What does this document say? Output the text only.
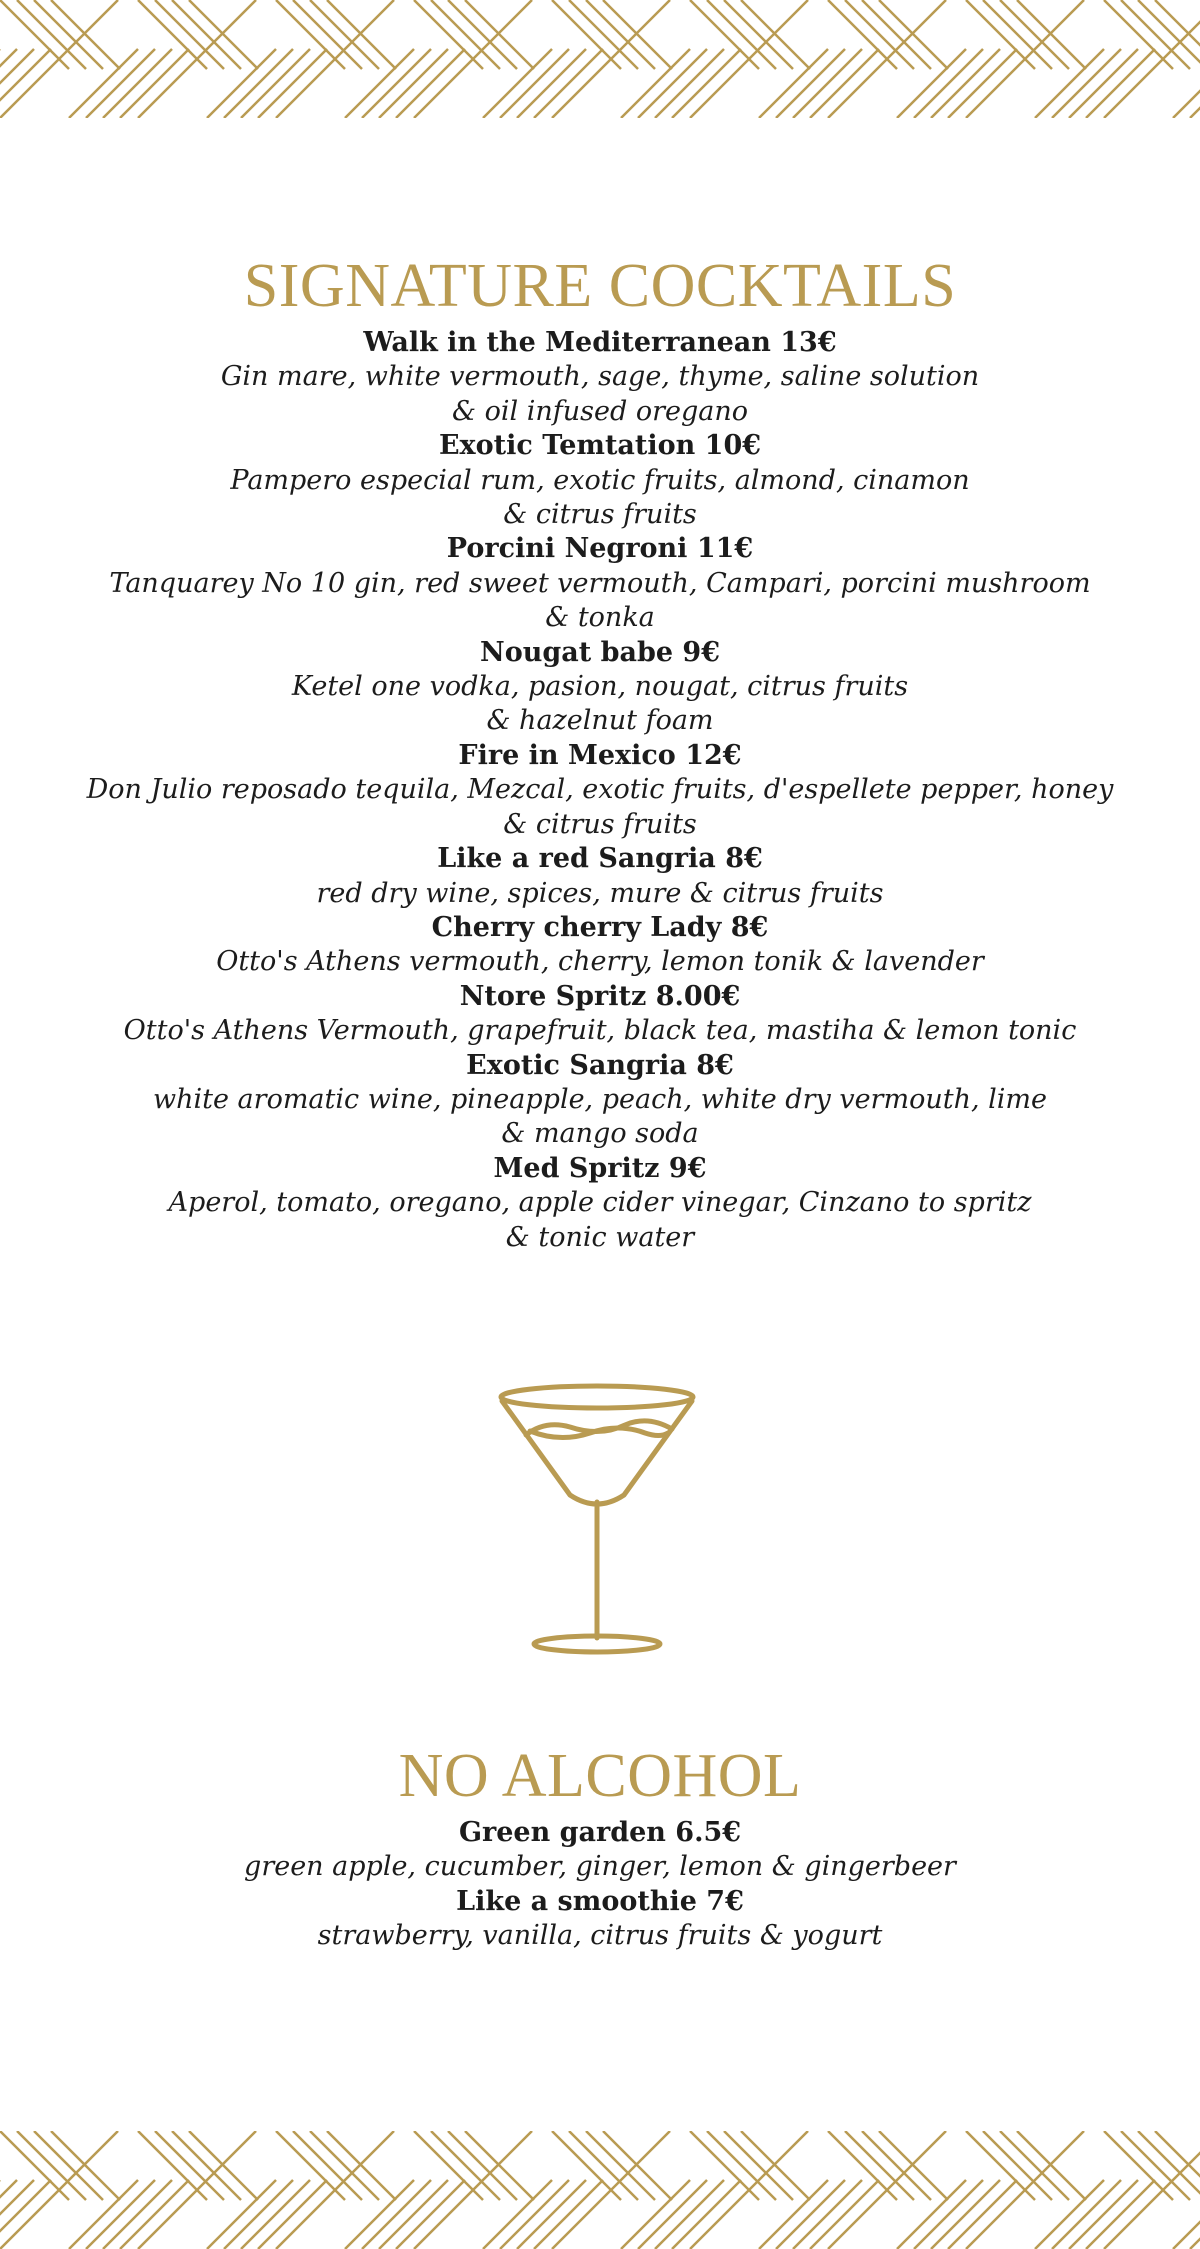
SIGNATURE COCKTAILS

Walk in the Mediterranean 13€

Gin mare, white vermouth, sage, thyme, saline solution
& oil infused oregano

Exotic Temtation 10€

Pampero especial rum, exotic fruits, almond, cinamon
& citrus fruits

Porcini Negroni 11€

Tanquarey No 10 gin, red sweet vermouth, Campari, porcini mushroom
& tonka

Nougat babe 9€

Ketel one vodka, pasion, nougat, citrus fruits
& hazelnut foam

Fire in Mexico 12€

Don Julio reposado tequila, Mezcal, exotic fruits, d'espellete pepper, honey
& citrus fruits

Like a red Sangria 8€

red dry wine, spices, mure & citrus fruits

Cherry cherry Lady 8€

Otto's Athens vermouth, cherry, lemon tonik & lavender

Ntore Spritz 8.00€

Otto's Athens Vermouth, grapefruit, black tea, mastiha & lemon tonic

Exotic Sangria 8€

white aromatic wine, pineapple, peach, white dry vermouth, lime
& mango soda

Med Spritz 9€

Aperol, tomato, oregano, apple cider vinegar, Cinzano to spritz
& tonic water

NO ALCOHOL

Green garden 6.5€

green apple, cucumber, ginger, lemon & gingerbeer

Like a smoothie 7€

strawberry, vanilla, citrus fruits & yogurt
